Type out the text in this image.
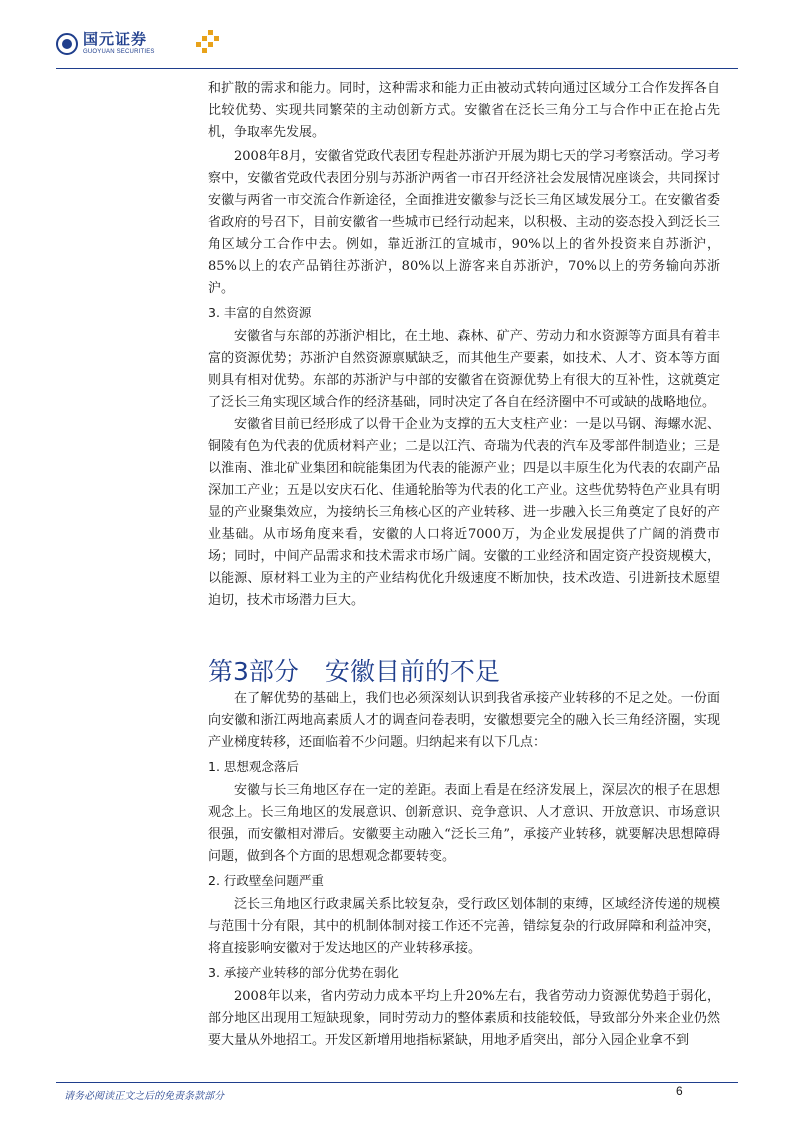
国元证券
GUOYUAN SECURITIES

和扩散的需求和能力。同时，这种需求和能力正由被动式转向通过区域分工合作发挥各自比较优势、实现共同繁荣的主动创新方式。安徽省在泛长三角分工与合作中正在抢占先机，争取率先发展。

2008年8月，安徽省党政代表团专程赴苏浙沪开展为期七天的学习考察活动。学习考察中，安徽省党政代表团分别与苏浙沪两省一市召开经济社会发展情况座谈会，共同探讨安徽与两省一市交流合作新途径，全面推进安徽参与泛长三角区域发展分工。在安徽省委省政府的号召下，目前安徽省一些城市已经行动起来，以积极、主动的姿态投入到泛长三角区域分工合作中去。例如，靠近浙江的宣城市，90%以上的省外投资来自苏浙沪，85%以上的农产品销往苏浙沪，80%以上游客来自苏浙沪，70%以上的劳务输向苏浙沪。

3. 丰富的自然资源

安徽省与东部的苏浙沪相比，在土地、森林、矿产、劳动力和水资源等方面具有着丰富的资源优势；苏浙沪自然资源禀赋缺乏，而其他生产要素，如技术、人才、资本等方面则具有相对优势。东部的苏浙沪与中部的安徽省在资源优势上有很大的互补性，这就奠定了泛长三角实现区域合作的经济基础，同时决定了各自在经济圈中不可或缺的战略地位。

安徽省目前已经形成了以骨干企业为支撑的五大支柱产业：一是以马钢、海螺水泥、铜陵有色为代表的优质材料产业；二是以江汽、奇瑞为代表的汽车及零部件制造业；三是以淮南、淮北矿业集团和皖能集团为代表的能源产业；四是以丰原生化为代表的农副产品深加工产业；五是以安庆石化、佳通轮胎等为代表的化工产业。这些优势特色产业具有明显的产业聚集效应，为接纳长三角核心区的产业转移、进一步融入长三角奠定了良好的产业基础。从市场角度来看，安徽的人口将近7000万，为企业发展提供了广阔的消费市场；同时，中间产品需求和技术需求市场广阔。安徽的工业经济和固定资产投资规模大，以能源、原材料工业为主的产业结构优化升级速度不断加快，技术改造、引进新技术愿望迫切，技术市场潜力巨大。

第3部分 安徽目前的不足

在了解优势的基础上，我们也必须深刻认识到我省承接产业转移的不足之处。一份面向安徽和浙江两地高素质人才的调查问卷表明，安徽想要完全的融入长三角经济圈，实现产业梯度转移，还面临着不少问题。归纳起来有以下几点：

1. 思想观念落后

安徽与长三角地区存在一定的差距。表面上看是在经济发展上，深层次的根子在思想观念上。长三角地区的发展意识、创新意识、竞争意识、人才意识、开放意识、市场意识很强，而安徽相对滞后。安徽要主动融入“泛长三角”，承接产业转移，就要解决思想障碍问题，做到各个方面的思想观念都要转变。

2. 行政壁垒问题严重

泛长三角地区行政隶属关系比较复杂，受行政区划体制的束缚，区域经济传递的规模与范围十分有限，其中的机制体制对接工作还不完善，错综复杂的行政屏障和利益冲突，将直接影响安徽对于发达地区的产业转移承接。

3. 承接产业转移的部分优势在弱化

2008年以来，省内劳动力成本平均上升20%左右，我省劳动力资源优势趋于弱化，部分地区出现用工短缺现象，同时劳动力的整体素质和技能较低，导致部分外来企业仍然要大量从外地招工。开发区新增用地指标紧缺，用地矛盾突出，部分入园企业拿不到

请务必阅读正文之后的免责条款部分	6
